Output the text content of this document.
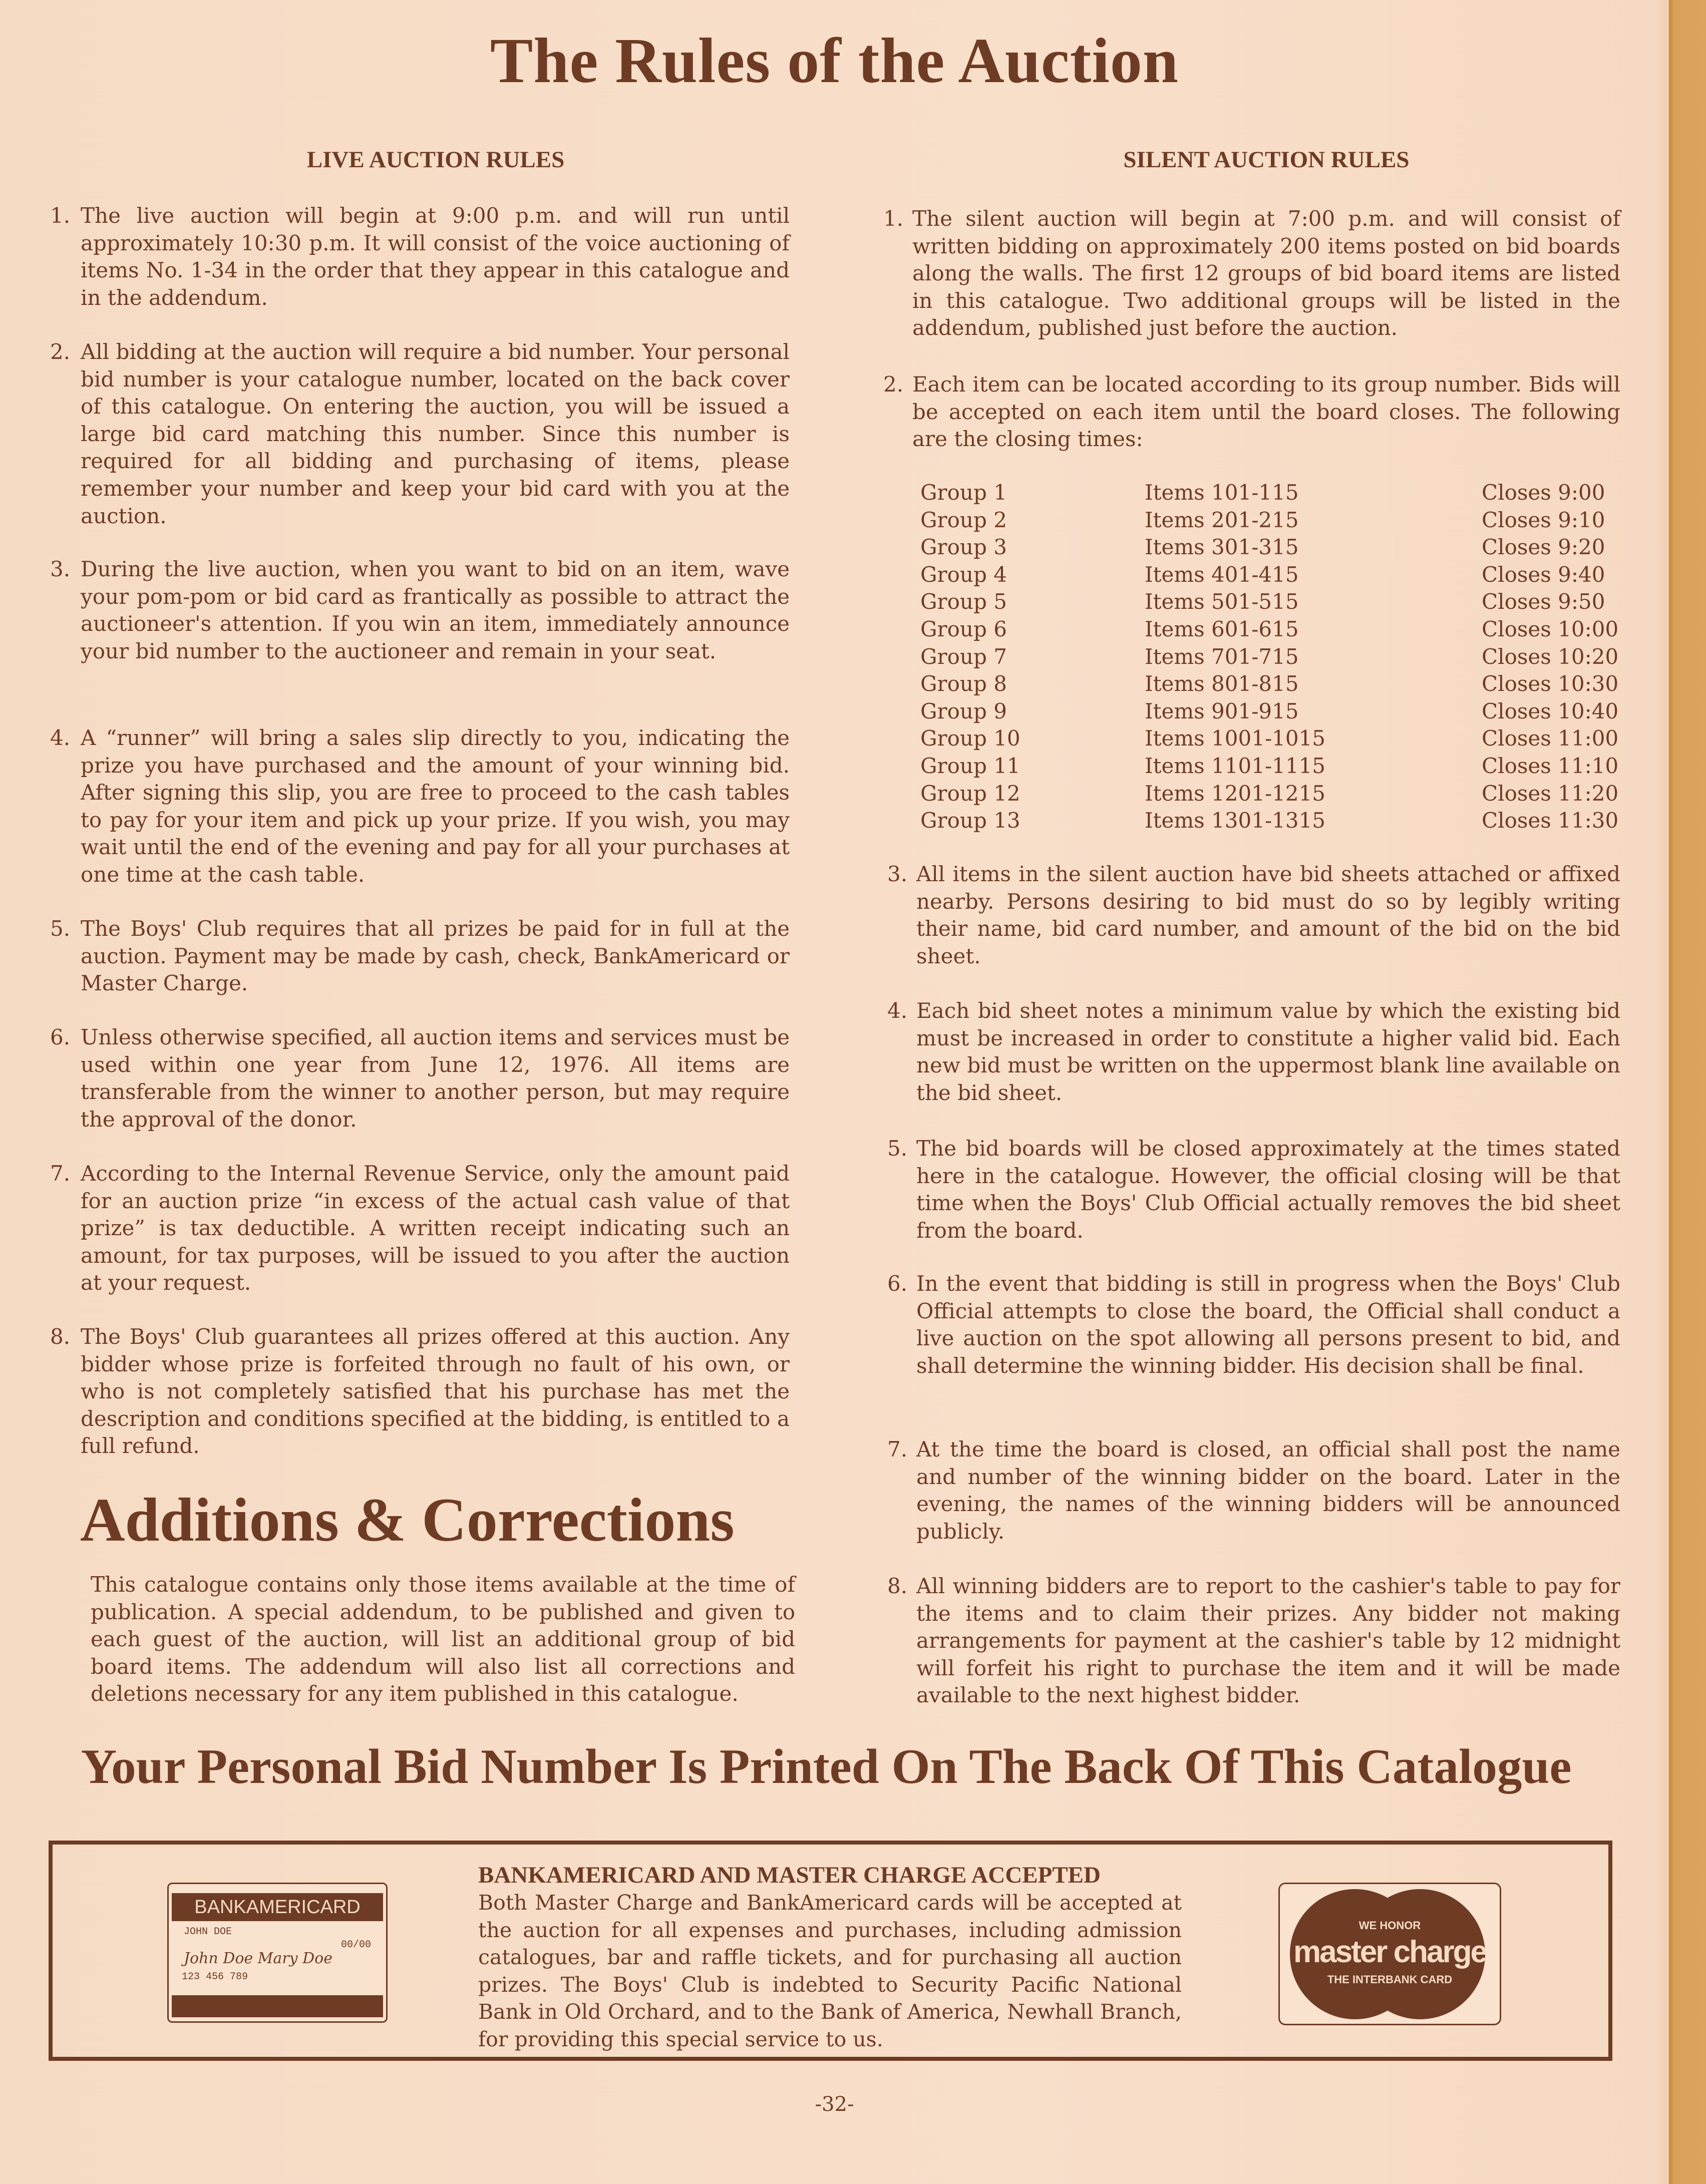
The Rules of the Auction
LIVE AUCTION RULES	SILENT AUCTION RULES
1. The live auction will begin at 9:00 p.m. and will run until approximately 10:30 p.m. It will consist of the voice auctioning of items No. 1-34 in the order that they appear in this catalogue and in the addendum.
2. All bidding at the auction will require a bid number. Your personal bid number is your catalogue number, located on the back cover of this catalogue. On entering the auction, you will be issued a large bid card matching this number. Since this number is required for all bidding and purchasing of items, please remember your number and keep your bid card with you at the auction.
3. During the live auction, when you want to bid on an item, wave your pom-pom or bid card as frantically as possible to attract the auctioneer's attention. If you win an item, immediately announce your bid number to the auctioneer and remain in your seat.
4. A “runner” will bring a sales slip directly to you, indicating the prize you have purchased and the amount of your winning bid. After signing this slip, you are free to proceed to the cash tables to pay for your item and pick up your prize. If you wish, you may wait until the end of the evening and pay for all your purchases at one time at the cash table.
5. The Boys' Club requires that all prizes be paid for in full at the auction. Payment may be made by cash, check, BankAmericard or Master Charge.
6. Unless otherwise specified, all auction items and services must be used within one year from June 12, 1976. All items are transferable from the winner to another person, but may require the approval of the donor.
7. According to the Internal Revenue Service, only the amount paid for an auction prize “in excess of the actual cash value of that prize” is tax deductible. A written receipt indicating such an amount, for tax purposes, will be issued to you after the auction at your request.
8. The Boys' Club guarantees all prizes offered at this auction. Any bidder whose prize is forfeited through no fault of his own, or who is not completely satisfied that his purchase has met the description and conditions specified at the bidding, is entitled to a full refund.
1. The silent auction will begin at 7:00 p.m. and will consist of written bidding on approximately 200 items posted on bid boards along the walls. The first 12 groups of bid board items are listed in this catalogue. Two additional groups will be listed in the addendum, published just before the auction.
2. Each item can be located according to its group number. Bids will be accepted on each item until the board closes. The following are the closing times:
3. All items in the silent auction have bid sheets attached or affixed nearby. Persons desiring to bid must do so by legibly writing their name, bid card number, and amount of the bid on the bid sheet.
4. Each bid sheet notes a minimum value by which the existing bid must be increased in order to constitute a higher valid bid. Each new bid must be written on the uppermost blank line available on the bid sheet.
5. The bid boards will be closed approximately at the times stated here in the catalogue. However, the official closing will be that time when the Boys' Club Official actually removes the bid sheet from the board.
6. In the event that bidding is still in progress when the Boys' Club Official attempts to close the board, the Official shall conduct a live auction on the spot allowing all persons present to bid, and shall determine the winning bidder. His decision shall be final.
7. At the time the board is closed, an official shall post the name and number of the winning bidder on the board. Later in the evening, the names of the winning bidders will be announced publicly.
8. All winning bidders are to report to the cashier's table to pay for the items and to claim their prizes. Any bidder not making arrangements for payment at the cashier's table by 12 midnight will forfeit his right to purchase the item and it will be made available to the next highest bidder.
Group 1	Items 101-115	Closes 9:00
Group 2	Items 201-215	Closes 9:10
Group 3	Items 301-315	Closes 9:20
Group 4	Items 401-415	Closes 9:40
Group 5	Items 501-515	Closes 9:50
Group 6	Items 601-615	Closes 10:00
Group 7	Items 701-715	Closes 10:20
Group 8	Items 801-815	Closes 10:30
Group 9	Items 901-915	Closes 10:40
Group 10	Items 1001-1015	Closes 11:00
Group 11	Items 1101-1115	Closes 11:10
Group 12	Items 1201-1215	Closes 11:20
Group 13	Items 1301-1315	Closes 11:30
Additions & Corrections
This catalogue contains only those items available at the time of publication. A special addendum, to be published and given to each guest of the auction, will list an additional group of bid board items. The addendum will also list all corrections and deletions necessary for any item published in this catalogue.
Your Personal Bid Number Is Printed On The Back Of This Catalogue
BANKAMERICARD
JOHN DOE
00/00
John Doe Mary Doe
123 456 789
BANKAMERICARD AND MASTER CHARGE ACCEPTED
Both Master Charge and BankAmericard cards will be accepted at the auction for all expenses and purchases, including admission catalogues, bar and raffle tickets, and for purchasing all auction prizes. The Boys' Club is indebted to Security Pacific National Bank in Old Orchard, and to the Bank of America, Newhall Branch, for providing this special service to us.
WE HONOR
master charge
THE INTERBANK CARD
-32-
